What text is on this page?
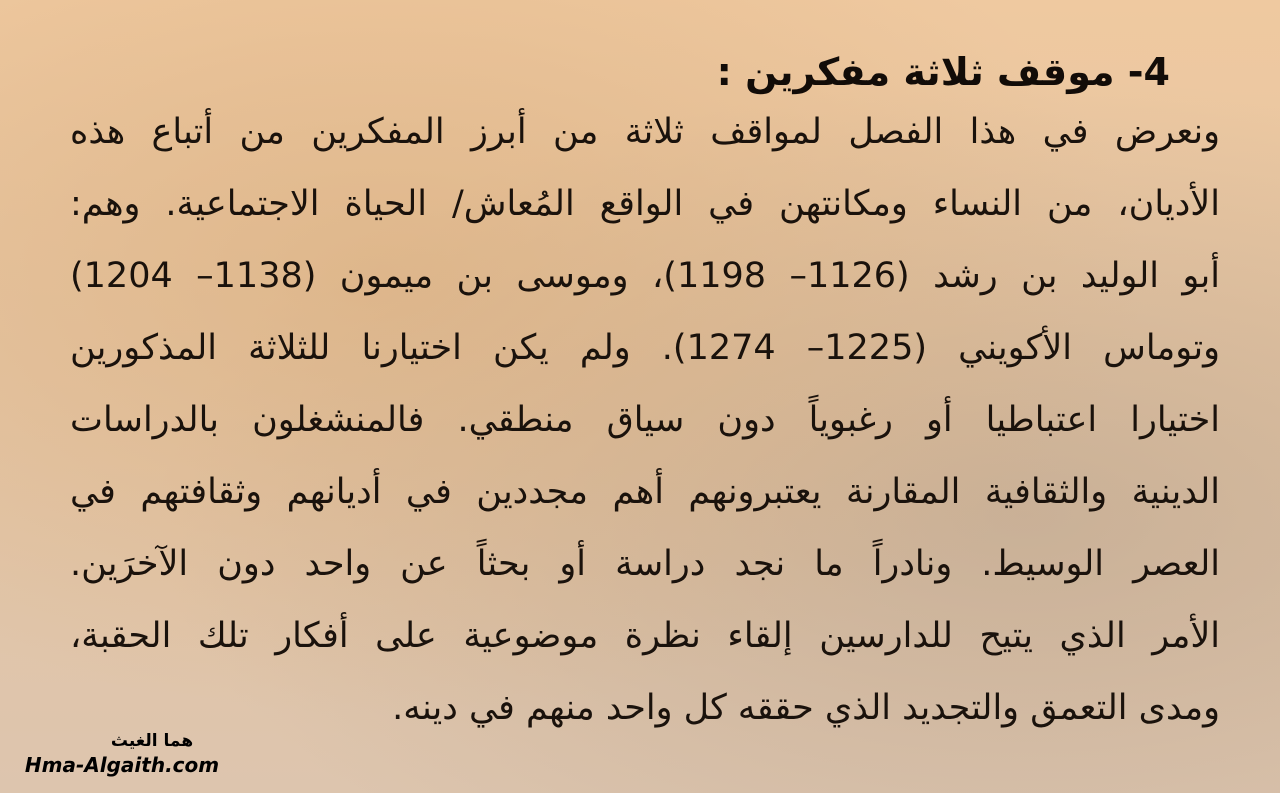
4- موقف ثلاثة مفكرين :
ونعرض في هذا الفصل لمواقف ثلاثة من أبرز المفكرين من أتباع هذه
الأديان، من النساء ومكانتهن في الواقع المُعاش/ الحياة الاجتماعية. وهم:
أبو الوليد بن رشد (1126– 1198)، وموسى بن ميمون (1138– 1204)
وتوماس الأكويني (1225– 1274). ولم يكن اختيارنا للثلاثة المذكورين
اختيارا اعتباطيا أو رغبوياً دون سياق منطقي. فالمنشغلون بالدراسات
الدينية والثقافية المقارنة يعتبرونهم أهم مجددين في أديانهم وثقافتهم في
العصر الوسيط. ونادراً ما نجد دراسة أو بحثاً عن واحد دون الآخرَين.
الأمر الذي يتيح للدارسين إلقاء نظرة موضوعية على أفكار تلك الحقبة،
ومدى التعمق والتجديد الذي حققه كل واحد منهم في دينه.
هما الغيث
Hma-Algaith.com
